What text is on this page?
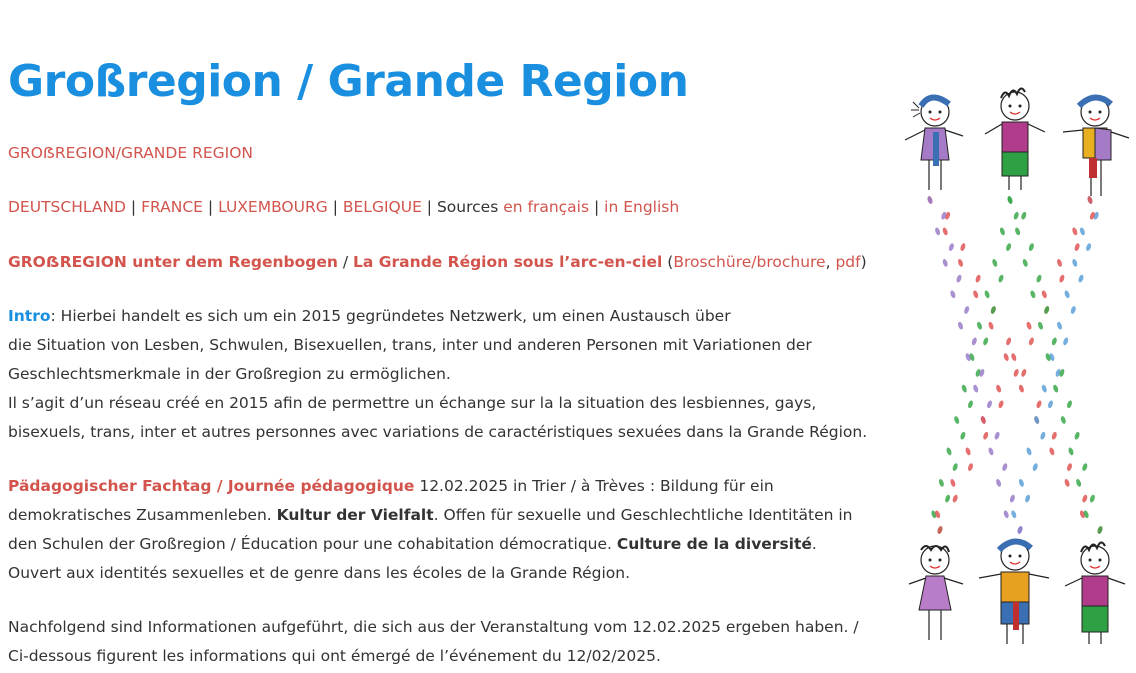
Großregion / Grande Region

GROẞREGION/GRANDE REGION

DEUTSCHLAND | FRANCE | LUXEMBOURG | BELGIQUE | Sources en français | in English

GROẞREGION unter dem Regenbogen / La Grande Région sous l’arc-en-ciel (Broschüre/brochure, pdf)

Intro: Hierbei handelt es sich um ein 2015 gegründetes Netzwerk, um einen Austausch über

die Situation von Lesben, Schwulen, Bisexuellen, trans, inter und anderen Personen mit Variationen der

Geschlechtsmerkmale in der Großregion zu ermöglichen.

Il s’agit d’un réseau créé en 2015 afin de permettre un échange sur la la situation des lesbiennes, gays,

bisexuels, trans, inter et autres personnes avec variations de caractéristiques sexuées dans la Grande Région.

Pädagogischer Fachtag / Journée pédagogique 12.02.2025 in Trier / à Trèves : Bildung für ein

demokratisches Zusammenleben. Kultur der Vielfalt. Offen für sexuelle und Geschlechtliche Identitäten in

den Schulen der Großregion / Éducation pour une cohabitation démocratique. Culture de la diversité.

Ouvert aux identités sexuelles et de genre dans les écoles de la Grande Région.

Nachfolgend sind Informationen aufgeführt, die sich aus der Veranstaltung vom 12.02.2025 ergeben haben. /

Ci-dessous figurent les informations qui ont émergé de l’événement du 12/02/2025.
